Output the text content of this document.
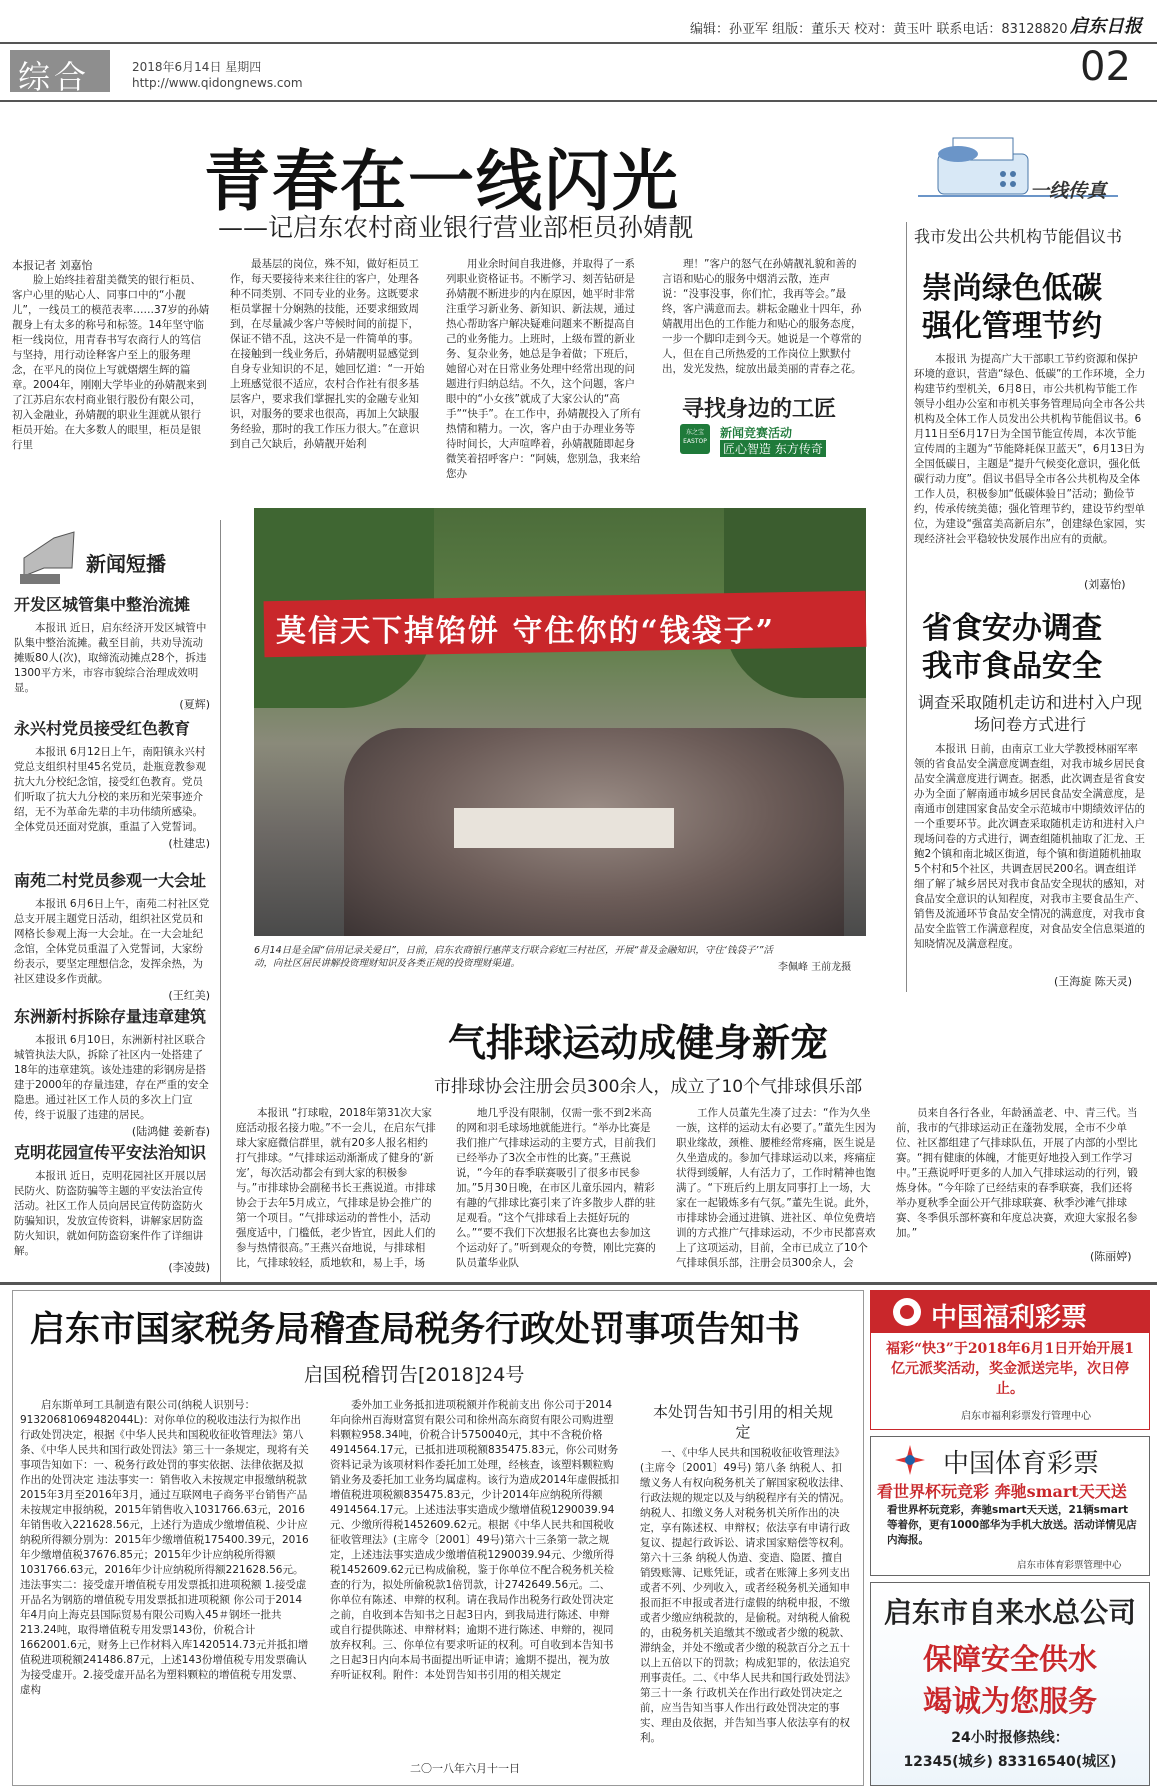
编辑：孙亚军 组版：董乐天 校对：黄玉叶 联系电话：83128820 启东日报
综合	2018年6月14日 星期四
http://www.qidongnews.com	02
青春在一线闪光
——记启东农村商业银行营业部柜员孙婧靓
本报记者 刘嘉怡

脸上始终挂着甜美微笑的银行柜员、客户心里的贴心人、同事口中的“小靓儿”，一线员工的模范表率……37岁的孙婧靓身上有太多的称号和标签。14年坚守临柜一线岗位，用青春书写农商行人的笃信与坚持，用行动诠释客户至上的服务理念，在平凡的岗位上写就熠熠生辉的篇章。2004年，刚刚大学毕业的孙婧靓来到了江苏启东农村商业银行股份有限公司，初入金融业，孙婧靓的职业生涯就从银行柜员开始。在大多数人的眼里，柜员是银行里

最基层的岗位，殊不知，做好柜员工作，每天要接待来来往往的客户，处理各种不同类别、不同专业的业务。这既要求柜员掌握十分娴熟的技能，还要求细致周到，在尽量减少客户等候时间的前提下，保证不错不乱，这决不是一件简单的事。在接触到一线业务后，孙婧靓明显感觉到自身专业知识的不足，她回忆道：“一开始上班感觉很不适应，农村合作社有很多基层客户，要求我们掌握扎实的金融专业知识，对服务的要求也很高，再加上欠缺服务经验，那时的我工作压力很大。”在意识到自己欠缺后，孙婧靓开始利

用业余时间自我进修，并取得了一系列职业资格证书。不断学习、刻苦钻研是孙婧靓不断进步的内在原因，她平时非常注重学习新业务、新知识、新法规，通过热心帮助客户解决疑难问题来不断提高自己的业务能力。上班时，上级布置的新业务、复杂业务，她总是争着做；下班后，她留心对在日常业务处理中经常出现的问题进行归纳总结。不久，这个问题，客户眼中的“小女孩”就成了大家公认的“高手”“快手”。在工作中，孙婧靓投入了所有热情和精力。一次，客户由于办理业务等待时间长，大声喧哗着，孙婧靓随即起身微笑着招呼客户：“阿姨，您别急，我来给您办

理！”客户的怒气在孙婧靓礼貌和善的言语和贴心的服务中烟消云散，连声说：“没事没事，你们忙，我再等会。”最终，客户满意而去。耕耘金融业十四年，孙婧靓用出色的工作能力和贴心的服务态度，一步一个脚印走到今天。她说是一个尊常的人，但在自己所热爱的工作岗位上默默付出，发光发热，绽放出最美丽的青春之花。

寻找身边的工匠
东之宝 EASTOP
新闻竞赛活动
匠心智造 东方传奇
一线传真
我市发出公共机构节能倡议书
崇尚绿色低碳 强化管理节约

本报讯 为提高广大干部职工节约资源和保护环境的意识，营造“绿色、低碳”的工作环境，全力构建节约型机关，6月8日，市公共机构节能工作领导小组办公室和市机关事务管理局向全市各公共机构及全体工作人员发出公共机构节能倡议书。6月11日至6月17日为全国节能宣传周，本次节能宣传周的主题为“节能降耗保卫蓝天”，6月13日为全国低碳日，主题是“提升气候变化意识，强化低碳行动力度”。倡议书倡导全市各公共机构及全体工作人员，积极参加“低碳体验日”活动；勤俭节约，传承传统美德；强化管理节约，建设节约型单位，为建设“强富美高新启东”，创建绿色家园，实现经济社会平稳较快发展作出应有的贡献。

(刘嘉怡)
省食安办调查 我市食品安全
调查采取随机走访和进村入户现场问卷方式进行

本报讯 日前，由南京工业大学教授林丽军率领的省食品安全满意度调查组，对我市城乡居民食品安全满意度进行调查。据悉，此次调查是省食安办为全面了解南通市城乡居民食品安全满意度，是南通市创建国家食品安全示范城市中期绩效评估的一个重要环节。此次调查采取随机走访和进村入户现场问卷的方式进行，调查组随机抽取了汇龙、王鲍2个镇和南北城区街道，每个镇和街道随机抽取5个村和5个社区，共调查居民200名。调查组详细了解了城乡居民对我市食品安全现状的感知，对食品安全意识的认知程度，对我市主要食品生产、销售及流通环节食品安全情况的满意度，对我市食品安全监管工作满意程度，对食品安全信息渠道的知晓情况及满意程度。

(王海旋 陈天灵)
新闻短播
开发区城管集中整治流摊

本报讯 近日，启东经济开发区城管中队集中整治流摊。截至目前，共劝导流动摊贩80人(次)，取缔流动摊点28个，拆违1300平方米，市容市貌综合治理成效明显。

(夏辉)
永兴村党员接受红色教育

本报讯 6月12日上午，南阳镇永兴村党总支组织村里45名党员，赴瓶竟教参观抗大九分校纪念馆，接受红色教育。党员们听取了抗大九分校的来历和光荣事迹介绍，无不为革命先辈的丰功伟绩所感染。全体党员还面对党旗，重温了入党誓词。

(杜建忠)
南苑二村党员参观一大会址

本报讯 6月6日上午，南苑二村社区党总支开展主题党日活动，组织社区党员和网格长参观上海一大会址。在一大会址纪念馆，全体党员重温了入党誓词，大家纷纷表示，要坚定理想信念，发挥余热，为社区建设多作贡献。

(王红美)
东洲新村拆除存量违章建筑

本报讯 6月10日，东洲新村社区联合城管执法大队，拆除了社区内一处搭建了18年的违章建筑。该处违建的彩钢房是搭建于2000年的存量违建，存在严重的安全隐患。通过社区工作人员的多次上门宣传，终于说服了违建的居民。

(陆鸿健 姜新春)
克明花园宣传平安法治知识

本报讯 近日，克明花园社区开展以居民防火、防盗防骗等主题的平安法治宣传活动。社区工作人员向居民宣传防盗防火防骗知识，发放宣传资料，讲解家居防盗防火知识，就如何防盗窃案件作了详细讲解。

(李凌鼓)
莫信天下掉馅饼 守住你的“钱袋子”
6月14日是全国“信用记录关爱日”，日前，启东农商银行惠萍支行联合彩虹三村社区，开展“普及金融知识，守住‘钱袋子’”活动，向社区居民讲解投资理财知识及各类正规的投资理财渠道。	李佩峰 王前龙摄
气排球运动成健身新宠
市排球协会注册会员300余人，成立了10个气排球俱乐部

本报讯 “打球啦，2018年第31次大家庭活动报名接力啦。”不一会儿，在启东气排球大家庭微信群里，就有20多人报名相约打气排球。“气排球运动渐渐成了健身的‘新宠’，每次活动都会有到大家的积极参与。”市排球协会副秘书长王燕说道。市排球协会于去年5月成立，气排球是协会推广的第一个项目。“气排球运动的普性小，活动强度适中，门槛低，老少皆宜，因此人们的参与热情很高。”王燕兴奋地说，与排球相比，气排球较轻，质地软和，易上手，场

地几乎没有限制，仅需一张不到2米高的网和羽毛球场地就能进行。“举办比赛是我们推广气排球运动的主要方式，目前我们已经举办了3次全市性的比赛。”王燕说说，“今年的春季联赛吸引了很多市民参加。”5月30日晚，在市区儿童乐园内，精彩有趣的气排球比赛引来了许多散步人群的驻足观看。“这个气排球看上去挺好玩的么。”“要不我们下次想报名比赛也去参加这个运动好了。”听到观众的夸赞，刚比完赛的队员董华业队

工作人员董先生凑了过去：“作为久坐一族，这样的运动太有必要了。”董先生因为职业缘故，颈椎、腰椎经常疼痛，医生说是久坐造成的。参加气排球运动以来，疼痛症状得到缓解，人有活力了，工作时精神也饱满了。“下班后约上朋友同事打上一场，大家在一起锻炼多有气氛。”董先生说。此外，市排球协会通过进镇、进社区、单位免费培训的方式推广气排球运动，不少市民都喜欢上了这项运动，目前，全市已成立了10个气排球俱乐部，注册会员300余人，会

员来自各行各业，年龄涵盖老、中、青三代。当前，我市的气排球运动正在蓬勃发展，全市不少单位、社区都组建了气排球队伍，开展了内部的小型比赛。“拥有健康的体魄，才能更好地投入到工作学习中。”王燕说呼吁更多的人加入气排球运动的行列，锻炼身体。“今年除了已经结束的春季联赛，我们还将举办夏秋季全面公开气排球联赛、秋季沙滩气排球赛、冬季俱乐部杯赛和年度总决赛，欢迎大家报名参加。”

(陈丽婷)
启东市国家税务局稽查局税务行政处罚事项告知书
启国税稽罚告[2018]24号

启东斯单珂工具制造有限公司(纳税人识别号：91320681069482044L)：对你单位的税收违法行为拟作出行政处罚决定，根据《中华人民共和国税收征收管理法》第八条、《中华人民共和国行政处罚法》第三十一条规定，现将有关事项告知如下：一、税务行政处罚的事实依据、法律依据及拟作出的处罚决定 违法事实一：销售收入未按规定申报缴纳税款 2015年3月至2016年3月，通过互联网电子商务平台销售产品未按规定申报纳税，2015年销售收入1031766.63元，2016年销售收入221628.56元，上述行为造成少缴增值税、少计应纳税所得额分别为：2015年少缴增值税175400.39元，2016年少缴增值税37676.85元；2015年少计应纳税所得额1031766.63元，2016年少计应纳税所得额221628.56元。违法事实二：接受虚开增值税专用发票抵扣进项税额 1.接受虚开品名为钢筋的增值税专用发票抵扣进项税额 你公司于2014年4月向上海克县国际贸易有限公司购入45＃钢坯一批共213.24吨，取得增值税专用发票143份，价税合计1662001.6元，财务上已作材料入库1420514.73元并抵扣增值税进项税额241486.87元，上述143份增值税专用发票确认为接受虚开。2.接受虚开品名为塑料颗粒的增值税专用发票、虚构

委外加工业务抵扣进项税额并作税前支出 你公司于2014年向徐州百海财富贸有限公司和徐州高东商贸有限公司购进塑料颗粒958.34吨，价税合计5750040元，其中不含税价格4914564.17元，已抵扣进项税额835475.83元，你公司财务资料记录为该项材料作委托加工处理，经核查，该塑料颗粒购销业务及委托加工业务均属虚构。该行为造成2014年虚假抵扣增值税进项税额835475.83元，少计2014年应纳税所得额4914564.17元。上述违法事实造成少缴增值税1290039.94元、少缴所得税1452609.62元。根据《中华人民共和国税收征收管理法》(主席令〔2001〕49号)第六十三条第一款之规定，上述违法事实造成少缴增值税1290039.94元、少缴所得税1452609.62元已构成偷税，鉴于你单位不配合税务机关检查的行为，拟处所偷税款1倍罚款，计2742649.56元。二、你单位有陈述、申辩的权利。请在我局作出税务行政处罚决定之前，自收到本告知书之日起3日内，到我局进行陈述、申辩或自行提供陈述、申辩材料；逾期不进行陈述、申辩的，视同放弃权利。三、你单位有要求听证的权利。可自收到本告知书之日起3日内向本局书面提出听证申请；逾期不提出，视为放弃听证权利。附件：本处罚告知书引用的相关规定

二〇一八年六月十一日
本处罚告知书引用的相关规定

一、《中华人民共和国税收征收管理法》(主席令〔2001〕49号) 第八条 纳税人、扣缴义务人有权向税务机关了解国家税收法律、行政法规的规定以及与纳税程序有关的情况。纳税人、扣缴义务人对税务机关所作出的决定，享有陈述权、申辩权；依法享有申请行政复议、提起行政诉讼、请求国家赔偿等权利。第六十三条 纳税人伪造、变造、隐匿、擅自销毁账簿、记账凭证，或者在账簿上多列支出或者不列、少列收入，或者经税务机关通知申报而拒不申报或者进行虚假的纳税申报，不缴或者少缴应纳税款的，是偷税。对纳税人偷税的，由税务机关追缴其不缴或者少缴的税款、滞纳金，并处不缴或者少缴的税款百分之五十以上五倍以下的罚款；构成犯罪的，依法追究刑事责任。二、《中华人民共和国行政处罚法》第三十一条 行政机关在作出行政处罚决定之前，应当告知当事人作出行政处罚决定的事实、理由及依据，并告知当事人依法享有的权利。

中国福利彩票
福彩“快3”于2018年6月1日开始开展1亿元派奖活动，奖金派送完毕，次日停止。
启东市福利彩票发行管理中心
中国体育彩票
看世界杯玩竞彩 奔驰smart天天送
看世界杯玩竞彩，奔驰smart天天送，21辆smart等着你，更有1000部华为手机大放送。活动详情见店内海报。
启东市体育彩票管理中心
启东市自来水总公司
保障安全供水
竭诚为您服务
24小时报修热线：
12345(城乡) 83316540(城区)
